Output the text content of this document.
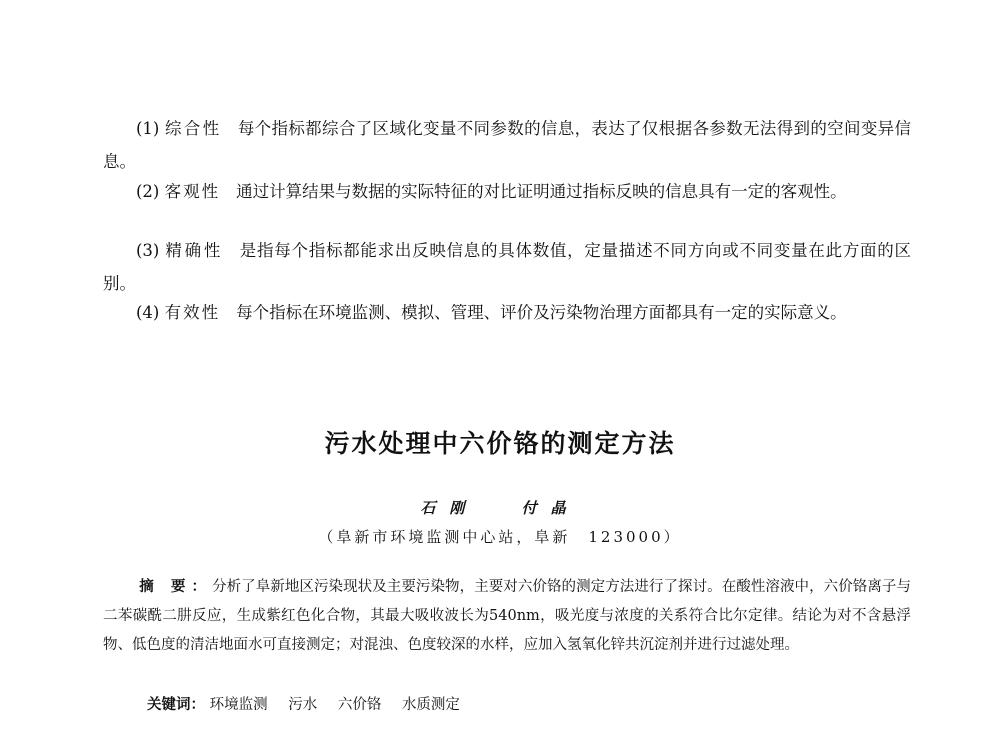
(1) 综合性 每个指标都综合了区域化变量不同参数的信息，表达了仅根据各参数无法得到的空间变异信息。

(2) 客观性 通过计算结果与数据的实际特征的对比证明通过指标反映的信息具有一定的客观性。

(3) 精确性 是指每个指标都能求出反映信息的具体数值，定量描述不同方向或不同变量在此方面的区别。

(4) 有效性 每个指标在环境监测、模拟、管理、评价及污染物治理方面都具有一定的实际意义。

污水处理中六价铬的测定方法
石刚 付晶
（阜新市环境监测中心站，阜新　123000）

摘 要：分析了阜新地区污染现状及主要污染物，主要对六价铬的测定方法进行了探讨。在酸性溶液中，六价铬离子与二苯碳酰二肼反应，生成紫红色化合物，其最大吸收波长为540nm，吸光度与浓度的关系符合比尔定律。结论为对不含悬浮物、低色度的清洁地面水可直接测定；对混浊、色度较深的水样，应加入氢氧化锌共沉淀剂并进行过滤处理。

关键词： 环境监测 污水 六价铬 水质测定
